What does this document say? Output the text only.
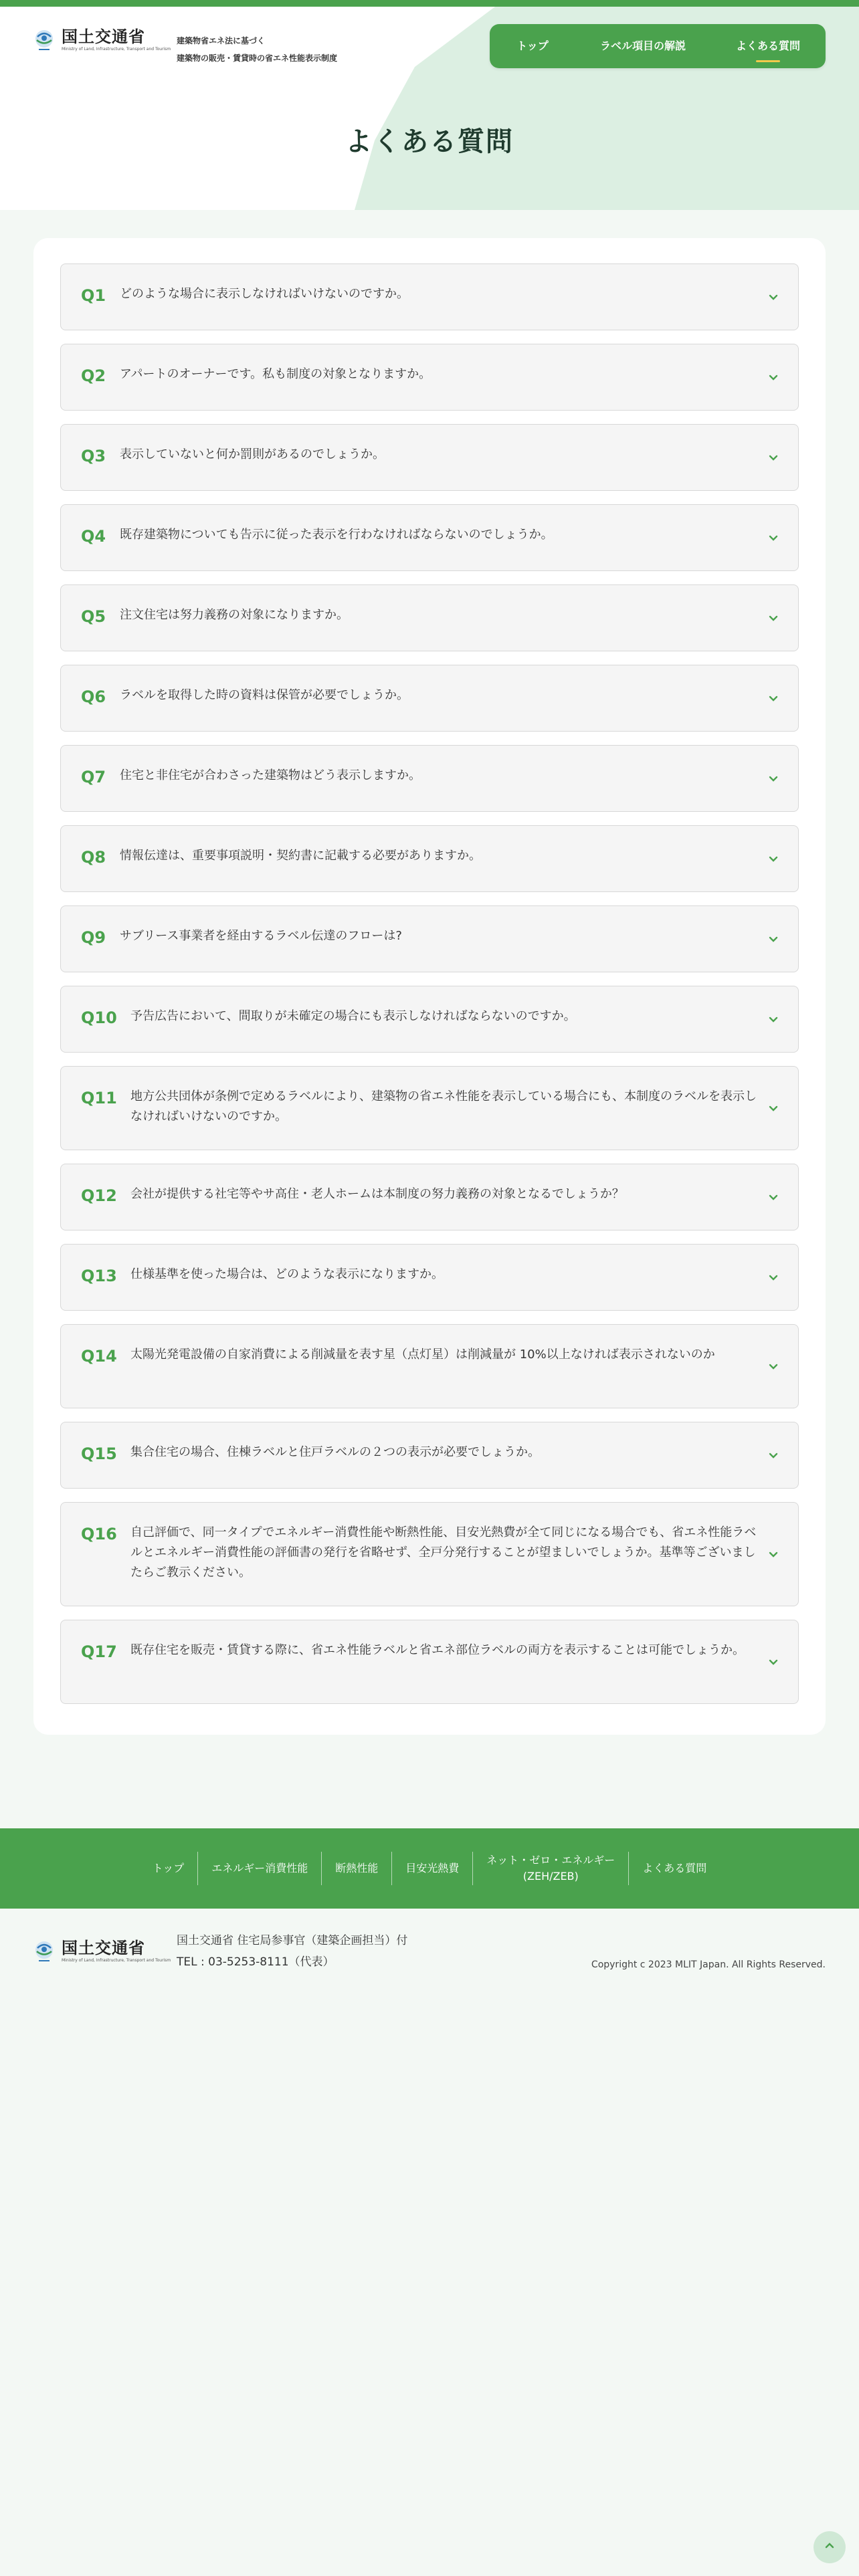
国土交通省
Ministry of Land, Infrastructure, Transport and Tourism
建築物省エネ法に基づく
建築物の販売・賃貸時の省エネ性能表示制度
トップ	ラベル項目の解説	よくある質問
よくある質問
Q1 どのような場合に表示しなければいけないのですか。
Q2 アパートのオーナーです。私も制度の対象となりますか。
Q3 表示していないと何か罰則があるのでしょうか。
Q4 既存建築物についても告示に従った表示を行わなければならないのでしょうか。
Q5 注文住宅は努力義務の対象になりますか。
Q6 ラベルを取得した時の資料は保管が必要でしょうか。
Q7 住宅と非住宅が合わさった建築物はどう表示しますか。
Q8 情報伝達は、重要事項説明・契約書に記載する必要がありますか。
Q9 サブリース事業者を経由するラベル伝達のフローは?
Q10 予告広告において、間取りが未確定の場合にも表示しなければならないのですか。
Q11 地方公共団体が条例で定めるラベルにより、建築物の省エネ性能を表示している場合にも、本制度のラベルを表示しなければいけないのですか。
Q12 会社が提供する社宅等やサ高住・老人ホームは本制度の努力義務の対象となるでしょうか？
Q13 仕様基準を使った場合は、どのような表示になりますか。
Q14 太陽光発電設備の自家消費による削減量を表す星（点灯星）は削減量が 10%以上なければ表示されないのか
Q15 集合住宅の場合、住棟ラベルと住戸ラベルの２つの表示が必要でしょうか。
Q16 自己評価で、同一タイプでエネルギー消費性能や断熱性能、目安光熱費が全て同じになる場合でも、省エネ性能ラベルとエネルギー消費性能の評価書の発行を省略せず、全戸分発行することが望ましいでしょうか。基準等ございましたらご教示ください。
Q17 既存住宅を販売・賃貸する際に、省エネ性能ラベルと省エネ部位ラベルの両方を表示することは可能でしょうか。
トップ	エネルギー消費性能	断熱性能	目安光熱費
ネット・ゼロ・エネルギー
(ZEH/ZEB)
よくある質問
国土交通省
Ministry of Land, Infrastructure, Transport and Tourism
国土交通省 住宅局参事官（建築企画担当）付
TEL : 03-5253-8111（代表）	Copyright c 2023 MLIT Japan. All Rights Reserved.
